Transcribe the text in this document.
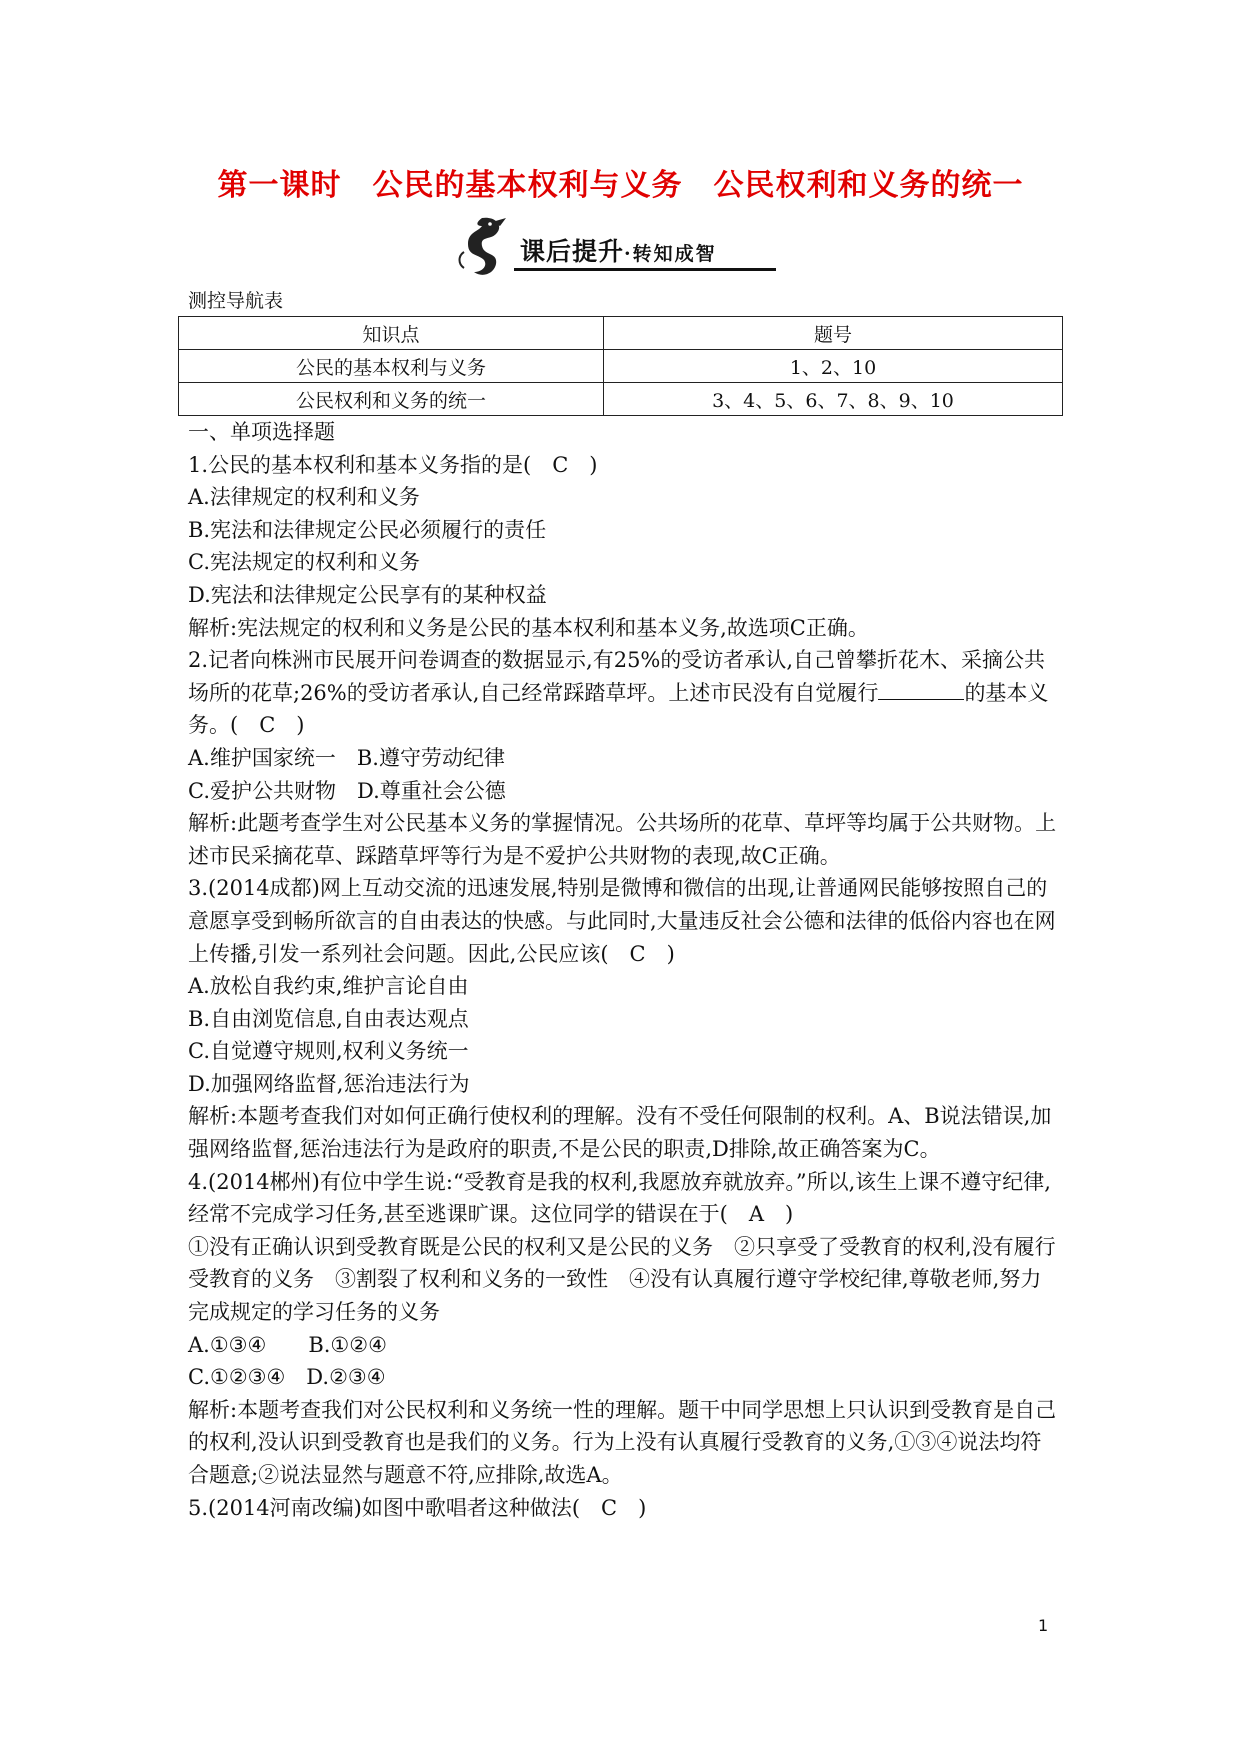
第一课时　公民的基本权利与义务　公民权利和义务的统一
课后提升·转知成智
测控导航表
知识点	题号
公民的基本权利与义务	1、2、10
公民权利和义务的统一	3、4、5、6、7、8、9、10

一、单项选择题

1.公民的基本权利和基本义务指的是(　C　)

A.法律规定的权利和义务

B.宪法和法律规定公民必须履行的责任

C.宪法规定的权利和义务

D.宪法和法律规定公民享有的某种权益

解析:宪法规定的权利和义务是公民的基本权利和基本义务,故选项C正确。

2.记者向株洲市民展开问卷调查的数据显示,有25%的受访者承认,自己曾攀折花木、采摘公共场所的花草;26%的受访者承认,自己经常踩踏草坪。上述市民没有自觉履行	的基本义务。(　C　)

A.维护国家统一　B.遵守劳动纪律

C.爱护公共财物　D.尊重社会公德

解析:此题考查学生对公民基本义务的掌握情况。公共场所的花草、草坪等均属于公共财物。上述市民采摘花草、踩踏草坪等行为是不爱护公共财物的表现,故C正确。

3.(2014成都)网上互动交流的迅速发展,特别是微博和微信的出现,让普通网民能够按照自己的意愿享受到畅所欲言的自由表达的快感。与此同时,大量违反社会公德和法律的低俗内容也在网上传播,引发一系列社会问题。因此,公民应该(　C　)

A.放松自我约束,维护言论自由

B.自由浏览信息,自由表达观点

C.自觉遵守规则,权利义务统一

D.加强网络监督,惩治违法行为

解析:本题考查我们对如何正确行使权利的理解。没有不受任何限制的权利。A、B说法错误,加强网络监督,惩治违法行为是政府的职责,不是公民的职责,D排除,故正确答案为C。

4.(2014郴州)有位中学生说:“受教育是我的权利,我愿放弃就放弃。”所以,该生上课不遵守纪律,经常不完成学习任务,甚至逃课旷课。这位同学的错误在于(　A　)

①没有正确认识到受教育既是公民的权利又是公民的义务　②只享受了受教育的权利,没有履行受教育的义务　③割裂了权利和义务的一致性　④没有认真履行遵守学校纪律,尊敬老师,努力完成规定的学习任务的义务

A.①③④　　B.①②④

C.①②③④　D.②③④

解析:本题考查我们对公民权利和义务统一性的理解。题干中同学思想上只认识到受教育是自己的权利,没认识到受教育也是我们的义务。行为上没有认真履行受教育的义务,①③④说法均符合题意;②说法显然与题意不符,应排除,故选A。

5.(2014河南改编)如图中歌唱者这种做法(　C　)

1
